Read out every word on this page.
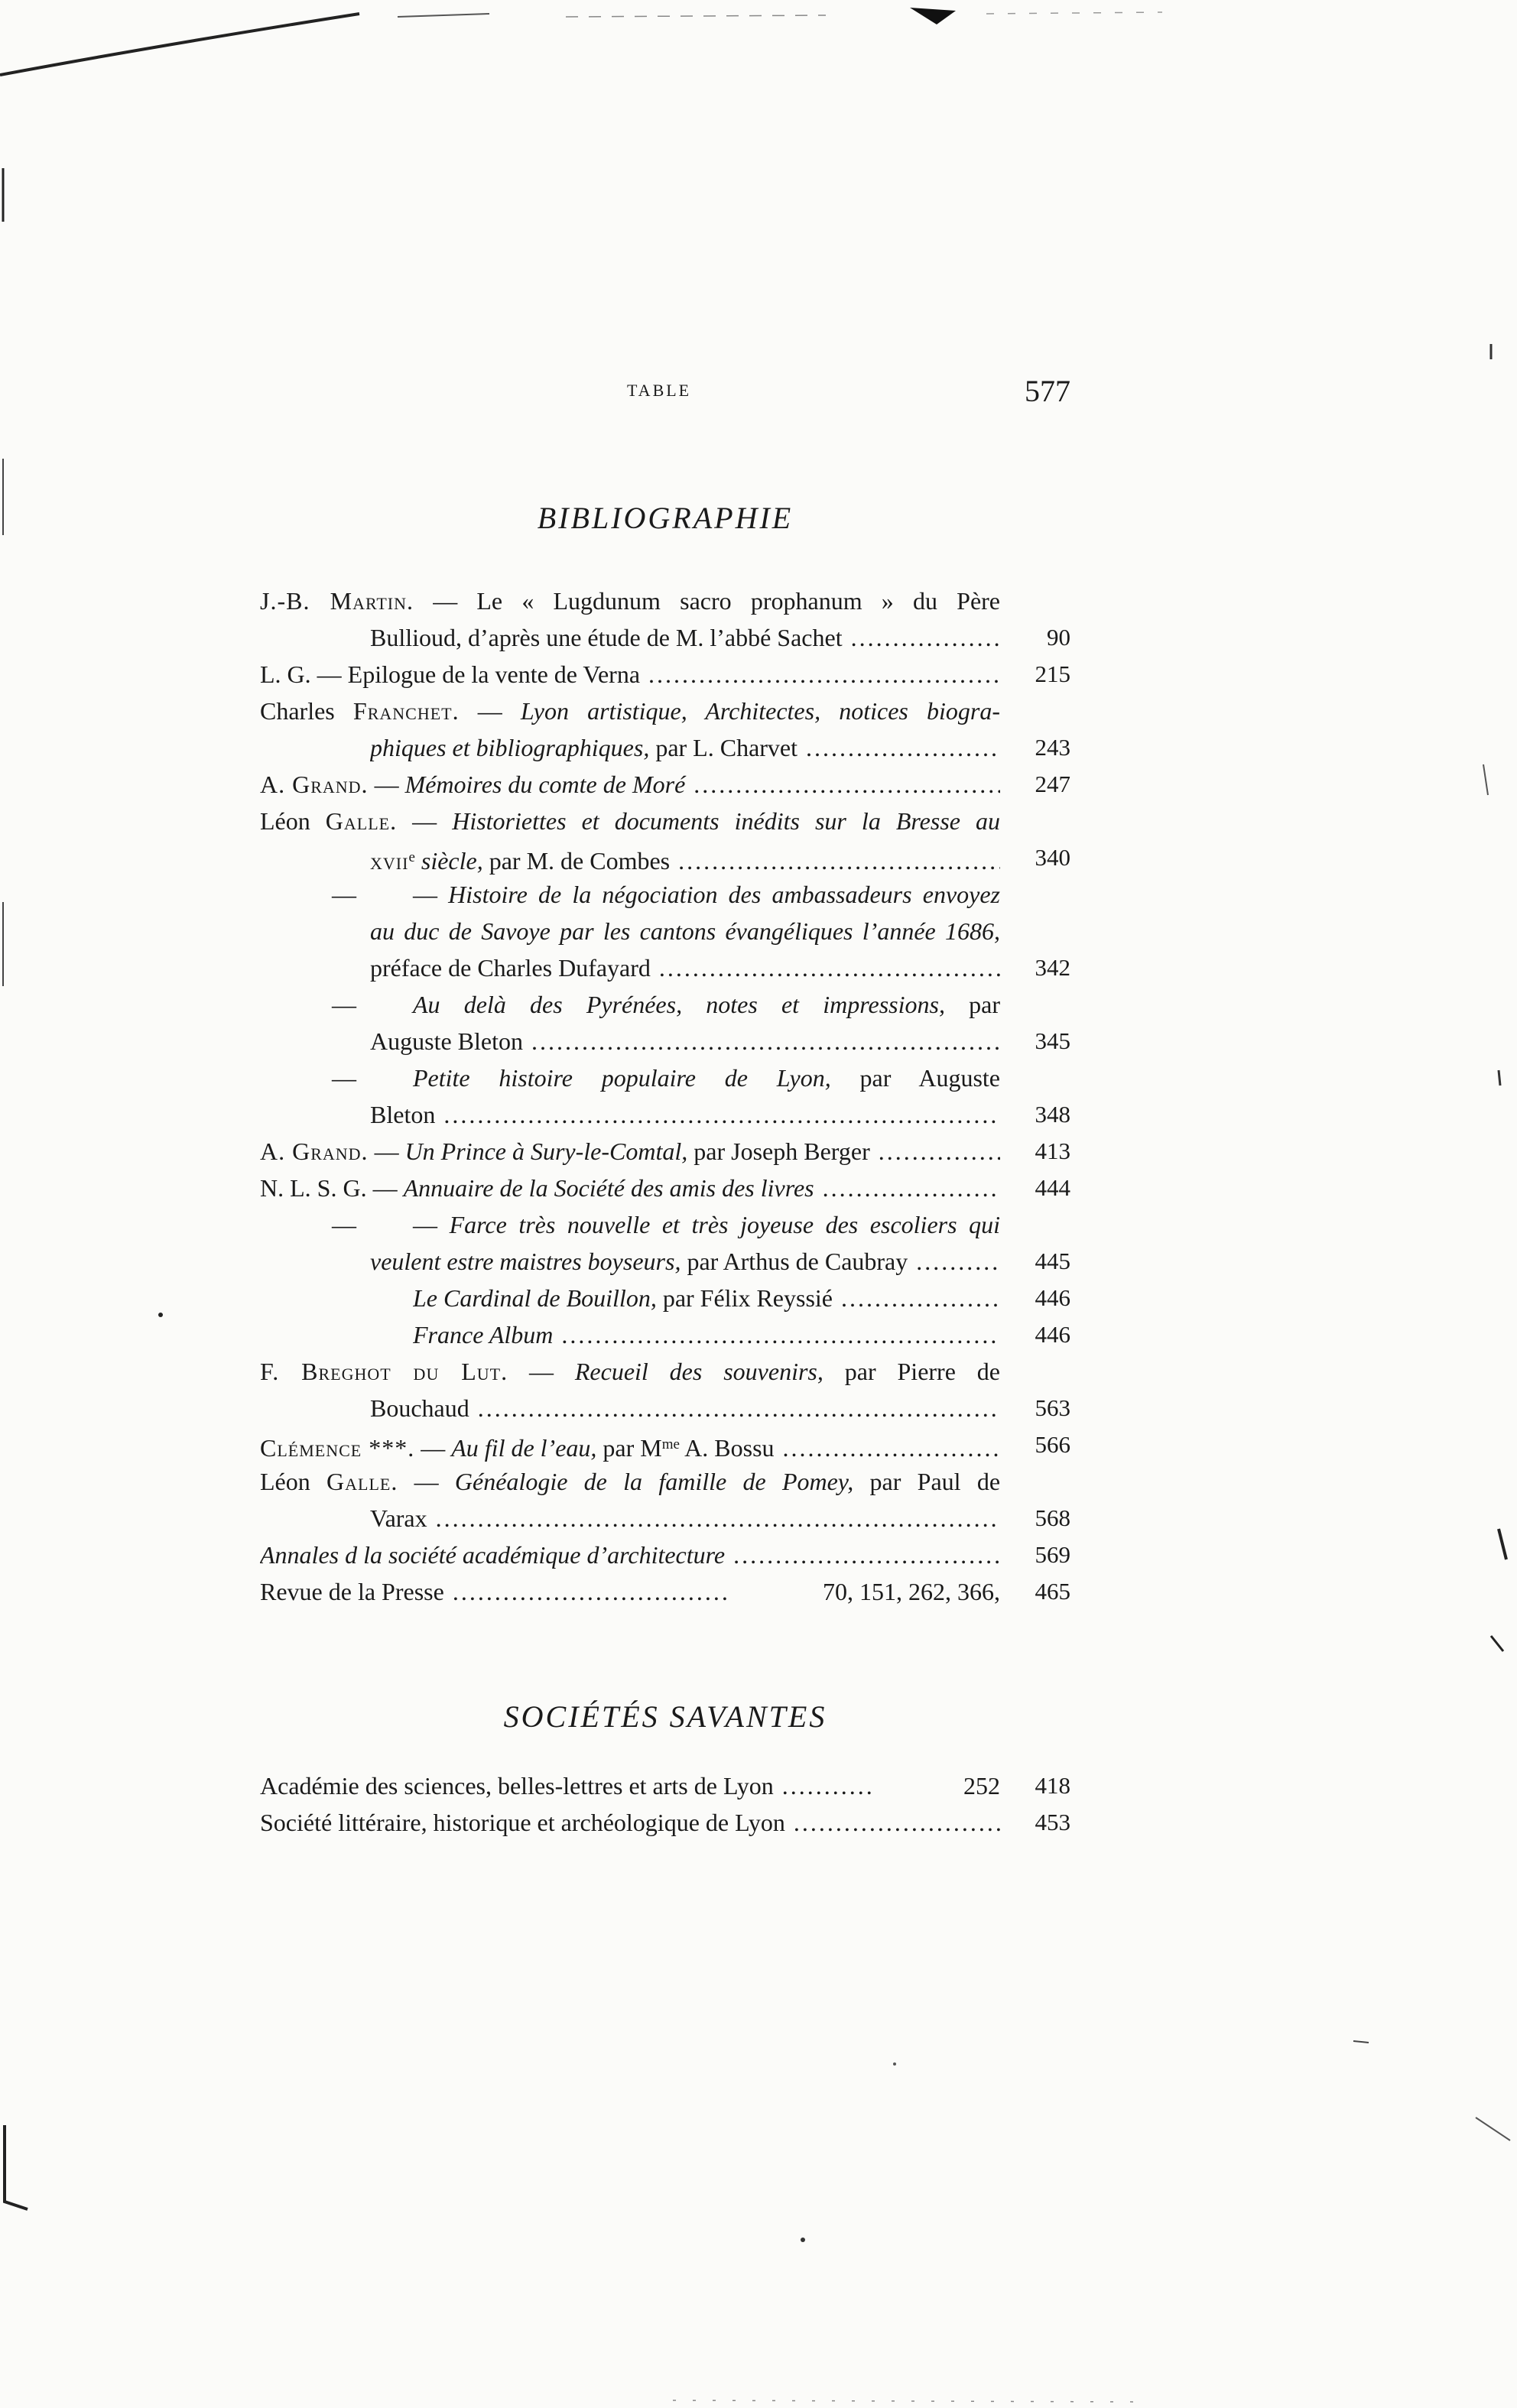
TABLE	577
BIBLIOGRAPHIE
J.-B. Martin. — Le « Lugdunum sacro prophanum » du Père
Bullioud, d’après une étude de M. l’abbé Sachet .....	90
L. G. — Epilogue de la vente de Verna .....	215
Charles Franchet. — Lyon artistique, Architectes, notices biogra-
phiques et bibliographiques, par L. Charvet .....	243
A. Grand. — Mémoires du comte de Moré .....	247
Léon Galle. — Historiettes et documents inédits sur la Bresse au
xvii$^e$ siècle, par M. de Combes .....	340
— — Histoire de la négociation des ambassadeurs envoyez
au duc de Savoye par les cantons évangéliques l’année 1686,
préface de Charles Dufayard .....	342
— Au delà des Pyrénées, notes et impressions, par
Auguste Bleton .....	345
— Petite histoire populaire de Lyon, par Auguste
Bleton .....	348
A. Grand. — Un Prince à Sury-le-Comtal, par Joseph Berger .....	413
N. L. S. G. — Annuaire de la Société des amis des livres .....	444
— — Farce très nouvelle et très joyeuse des escoliers qui
veulent estre maistres boyseurs, par Arthus de Caubray .....	445
Le Cardinal de Bouillon, par Félix Reyssié .....	446
France Album .....	446
F. Breghot du Lut. — Recueil des souvenirs, par Pierre de
Bouchaud .....	563
Clémence ***. — Au fil de l’eau, par $M^{me}$ A. Bossu .....	566
Léon Galle. — Généalogie de la famille de Pomey, par Paul de
Varax .....	568
Annales d la société académique d’architecture .....	569
Revue de la Presse .................................	70, 151, 262, 366,	465
SOCIÉTÉS SAVANTES
Académie des sciences, belles-lettres et arts de Lyon ...........	252	418
Société littéraire, historique et archéologique de Lyon .....	453
